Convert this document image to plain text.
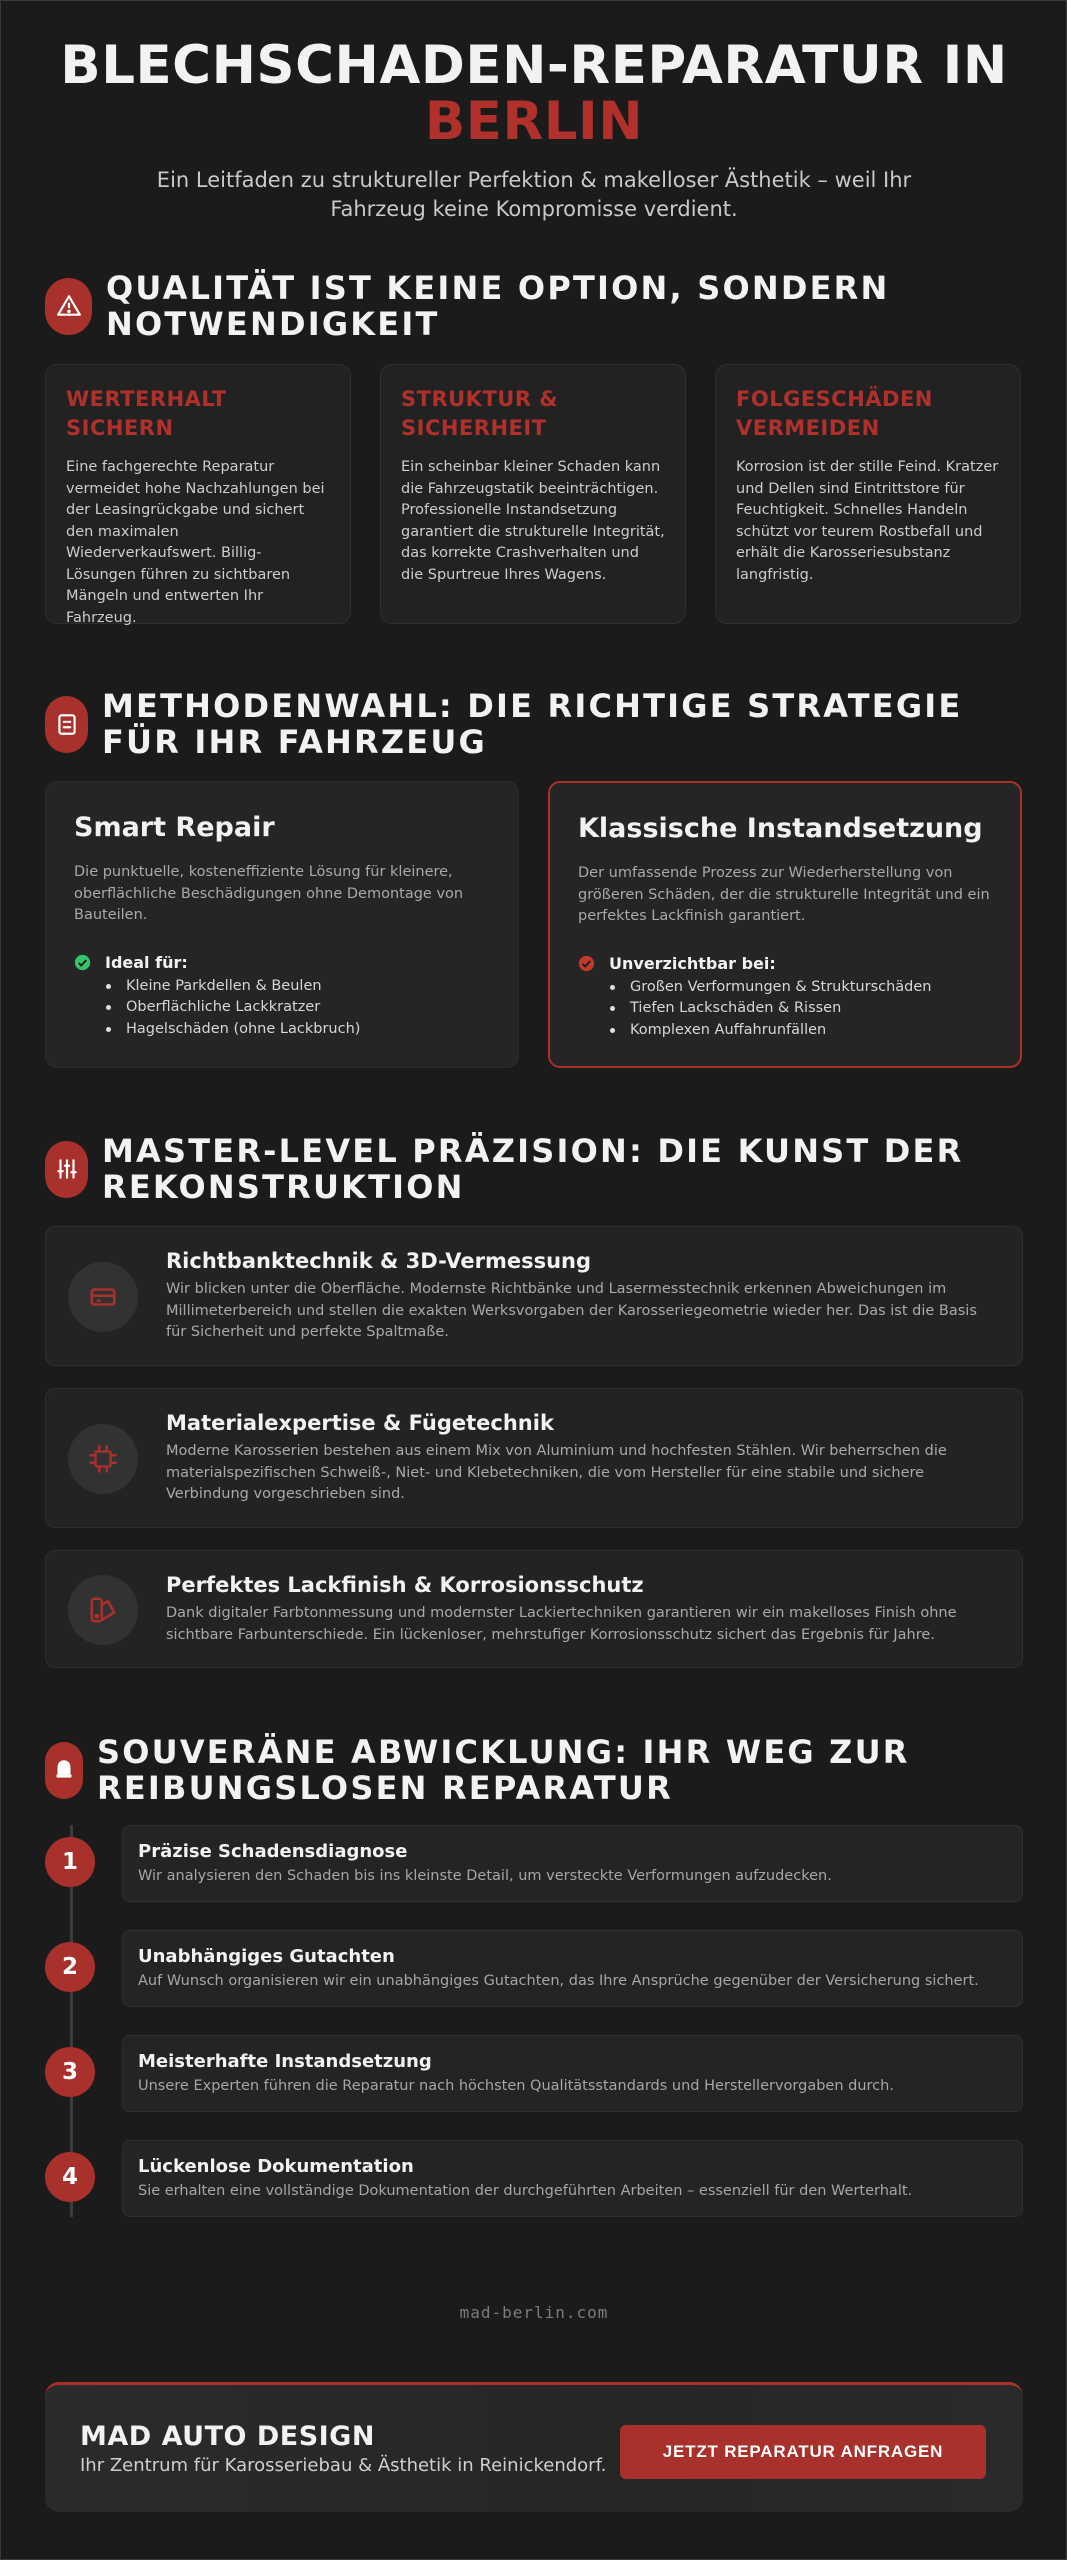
BLECHSCHADEN-REPARATUR IN
BERLIN

Ein Leitfaden zu struktureller Perfektion & makelloser Ästhetik – weil Ihr Fahrzeug keine Kompromisse verdient.

QUALITÄT IST KEINE OPTION, SONDERN NOTWENDIGKEIT
WERTERHALT SICHERN

Eine fachgerechte Reparatur vermeidet hohe Nachzahlungen bei der Leasingrückgabe und sichert den maximalen Wiederverkaufswert. Billig-Lösungen führen zu sichtbaren Mängeln und entwerten Ihr Fahrzeug.

STRUKTUR & SICHERHEIT

Ein scheinbar kleiner Schaden kann die Fahrzeugstatik beeinträchtigen. Professionelle Instandsetzung garantiert die strukturelle Integrität, das korrekte Crashverhalten und die Spurtreue Ihres Wagens.

FOLGESCHÄDEN VERMEIDEN

Korrosion ist der stille Feind. Kratzer und Dellen sind Eintrittstore für Feuchtigkeit. Schnelles Handeln schützt vor teurem Rostbefall und erhält die Karosseriesubstanz langfristig.

METHODENWAHL: DIE RICHTIGE STRATEGIE FÜR IHR FAHRZEUG
Smart Repair

Die punktuelle, kosteneffiziente Lösung für kleinere, oberflächliche Beschädigungen ohne Demontage von Bauteilen.

Ideal für:
Kleine Parkdellen & Beulen
Oberflächliche Lackkratzer
Hagelschäden (ohne Lackbruch)
Klassische Instandsetzung

Der umfassende Prozess zur Wiederherstellung von größeren Schäden, der die strukturelle Integrität und ein perfektes Lackfinish garantiert.

Unverzichtbar bei:
Großen Verformungen & Strukturschäden
Tiefen Lackschäden & Rissen
Komplexen Auffahrunfällen
MASTER-LEVEL PRÄZISION: DIE KUNST DER REKONSTRUKTION
Richtbanktechnik & 3D-Vermessung

Wir blicken unter die Oberfläche. Modernste Richtbänke und Lasermesstechnik erkennen Abweichungen im Millimeterbereich und stellen die exakten Werksvorgaben der Karosseriegeometrie wieder her. Das ist die Basis für Sicherheit und perfekte Spaltmaße.

Materialexpertise & Fügetechnik

Moderne Karosserien bestehen aus einem Mix von Aluminium und hochfesten Stählen. Wir beherrschen die materialspezifischen Schweiß-, Niet- und Klebetechniken, die vom Hersteller für eine stabile und sichere Verbindung vorgeschrieben sind.

Perfektes Lackfinish & Korrosionsschutz

Dank digitaler Farbtonmessung und modernster Lackiertechniken garantieren wir ein makelloses Finish ohne sichtbare Farbunterschiede. Ein lückenloser, mehrstufiger Korrosionsschutz sichert das Ergebnis für Jahre.

SOUVERÄNE ABWICKLUNG: IHR WEG ZUR REIBUNGSLOSEN REPARATUR
1	Präzise Schadensdiagnose

Wir analysieren den Schaden bis ins kleinste Detail, um versteckte Verformungen aufzudecken.

2	Unabhängiges Gutachten

Auf Wunsch organisieren wir ein unabhängiges Gutachten, das Ihre Ansprüche gegenüber der Versicherung sichert.

3	Meisterhafte Instandsetzung

Unsere Experten führen die Reparatur nach höchsten Qualitätsstandards und Herstellervorgaben durch.

4	Lückenlose Dokumentation

Sie erhalten eine vollständige Dokumentation der durchgeführten Arbeiten – essenziell für den Werterhalt.

mad-berlin.com
MAD AUTO DESIGN
Ihr Zentrum für Karosseriebau & Ästhetik in Reinickendorf.
JETZT REPARATUR ANFRAGEN
